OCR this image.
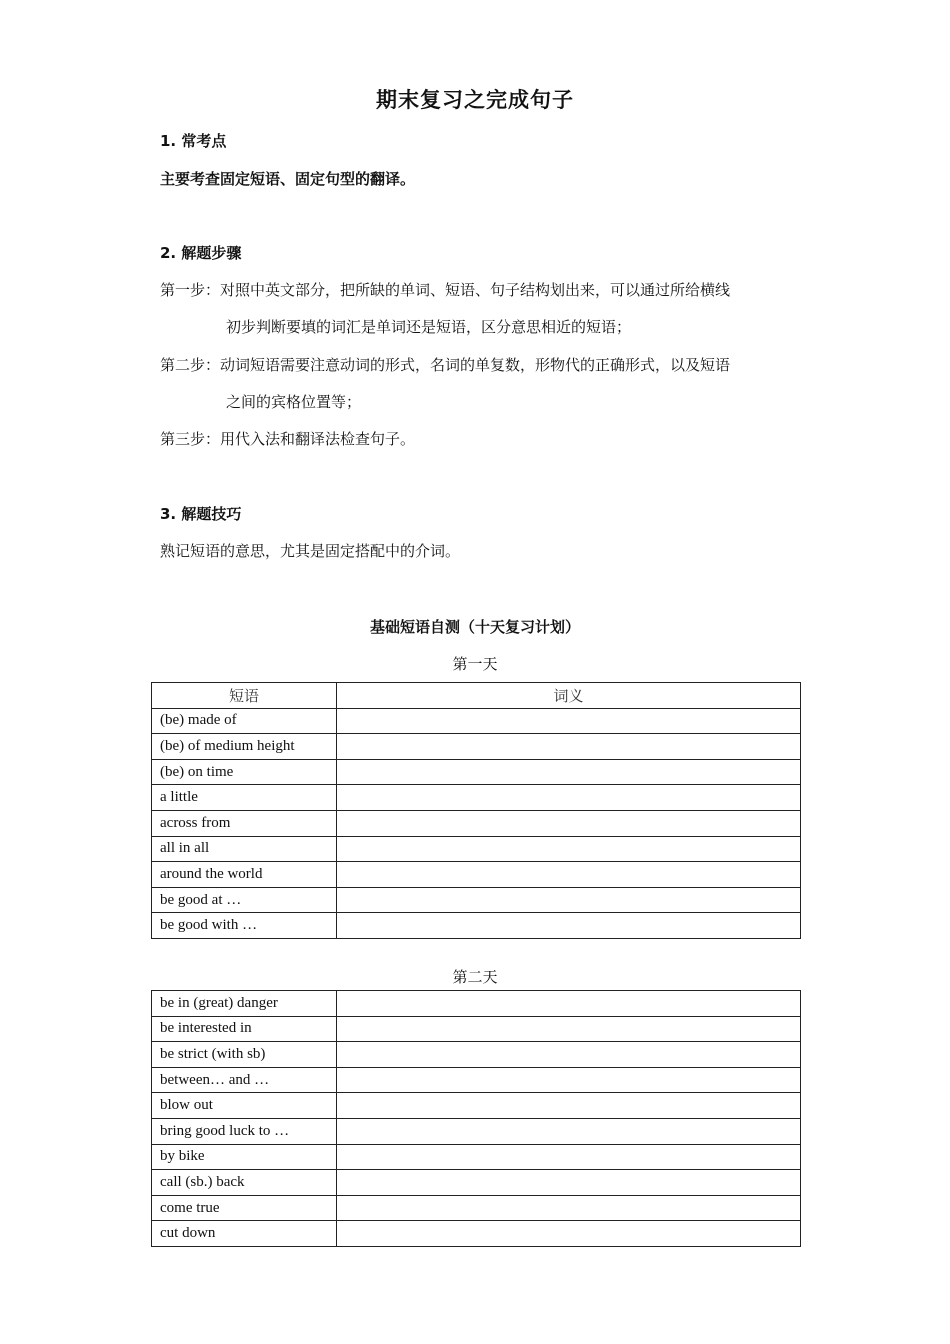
期末复习之完成句子
1. 常考点
主要考查固定短语、固定句型的翻译。
2. 解题步骤
第一步：对照中英文部分，把所缺的单词、短语、句子结构划出来，可以通过所给横线
初步判断要填的词汇是单词还是短语，区分意思相近的短语；
第二步：动词短语需要注意动词的形式，名词的单复数，形物代的正确形式，以及短语
之间的宾格位置等；
第三步：用代入法和翻译法检查句子。
3. 解题技巧
熟记短语的意思，尤其是固定搭配中的介词。
基础短语自测（十天复习计划）
第一天
短语	词义
(be) made of	
(be) of medium height	
(be) on time	
a little	
across from	
all in all	
around the world	
be good at …	
be good with …	
第二天
be in (great) danger	
be interested in	
be strict (with sb)	
between… and …	
blow out	
bring good luck to …	
by bike	
call (sb.) back	
come true	
cut down	
